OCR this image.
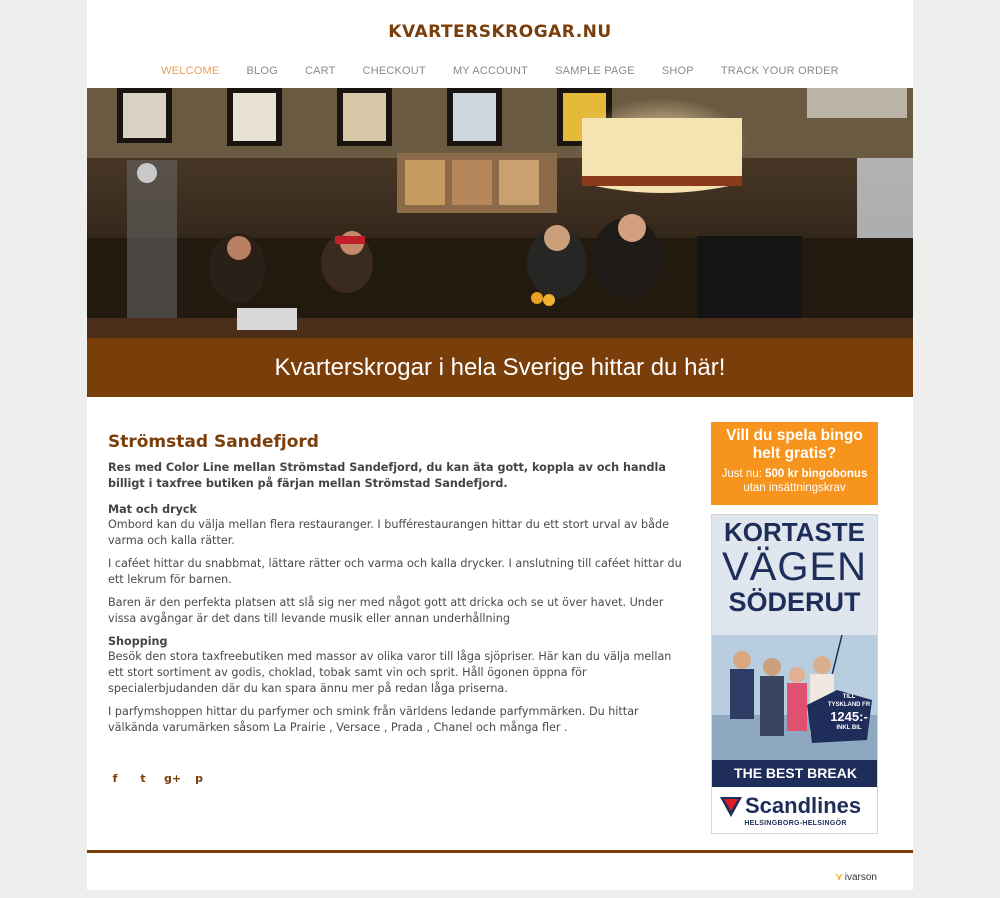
KVARTERSKROGAR.NU
WELCOME BLOG CART CHECKOUT MY ACCOUNT SAMPLE PAGE SHOP TRACK YOUR ORDER
Kvarterskrogar i hela Sverige hittar du här!
Strömstad Sandefjord

Res med Color Line mellan Strömstad Sandefjord, du kan äta gott, koppla av och handla billigt i taxfree butiken på färjan mellan Strömstad Sandefjord.

Mat och dryck

Ombord kan du välja mellan flera restauranger. I bufférestaurangen hittar du ett stort urval av både varma och kalla rätter.

I caféet hittar du snabbmat, lättare rätter och varma och kalla drycker. I anslutning till caféet hittar du ett lekrum för barnen.

Baren är den perfekta platsen att slå sig ner med något gott att dricka och se ut över havet. Under vissa avgångar är det dans till levande musik eller annan underhållning

Shopping

Besök den stora taxfreebutiken med massor av olika varor till låga sjöpriser. Här kan du välja mellan ett stort sortiment av godis, choklad, tobak samt vin och sprit. Håll ögonen öppna för specialerbjudanden där du kan spara ännu mer på redan låga priserna.

I parfymshoppen hittar du parfymer och smink från världens ledande parfymmärken. Du hittar välkända varumärken såsom La Prairie , Versace , Prada , Chanel och många fler .

f	t	g+ p
Vill du spela bingo helt gratis?
Just nu: 500 kr bingobonus
utan insättningskrav
KORTASTE
VÄGEN
SÖDERUT
TILL
TYSKLAND FR
1245:-
INKL BIL
THE BEST BREAK
Scandlines
HELSINGBORG-HELSINGÖR
⋎ ivarson
